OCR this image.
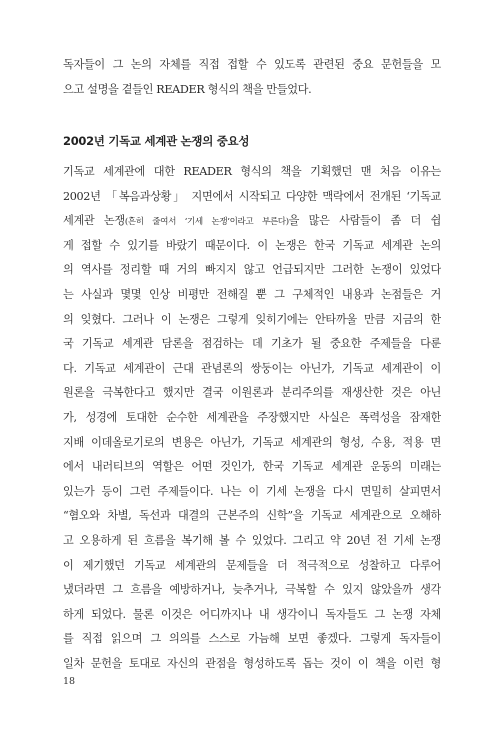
독자들이 그 논의 자체를 직접 접할 수 있도록 관련된 중요 문헌들을 모
으고 설명을 곁들인 READER 형식의 책을 만들었다.
2002년 기독교 세계관 논쟁의 중요성
기독교 세계관에 대한 READER 형식의 책을 기획했던 맨 처음 이유는
2002년 「복음과상황」 지면에서 시작되고 다양한 맥락에서 전개된 ‘기독교
세계관 논쟁(흔히 줄여서 ‘기세 논쟁’이라고 부른다)을 많은 사람들이 좀 더 쉽
게 접할 수 있기를 바랐기 때문이다. 이 논쟁은 한국 기독교 세계관 논의
의 역사를 정리할 때 거의 빠지지 않고 언급되지만 그러한 논쟁이 있었다
는 사실과 몇몇 인상 비평만 전해질 뿐 그 구체적인 내용과 논점들은 거
의 잊혔다. 그러나 이 논쟁은 그렇게 잊히기에는 안타까울 만큼 지금의 한
국 기독교 세계관 담론을 점검하는 데 기초가 될 중요한 주제들을 다룬
다. 기독교 세계관이 근대 관념론의 쌍둥이는 아닌가, 기독교 세계관이 이
원론을 극복한다고 했지만 결국 이원론과 분리주의를 재생산한 것은 아닌
가, 성경에 토대한 순수한 세계관을 주장했지만 사실은 폭력성을 잠재한
지배 이데올로기로의 변용은 아닌가, 기독교 세계관의 형성, 수용, 적용 면
에서 내러티브의 역할은 어떤 것인가, 한국 기독교 세계관 운동의 미래는
있는가 등이 그런 주제들이다. 나는 이 기세 논쟁을 다시 면밀히 살피면서
“혐오와 차별, 독선과 대결의 근본주의 신학”을 기독교 세계관으로 오해하
고 오용하게 된 흐름을 복기해 볼 수 있었다. 그리고 약 20년 전 기세 논쟁
이 제기했던 기독교 세계관의 문제들을 더 적극적으로 성찰하고 다루어
냈더라면 그 흐름을 예방하거나, 늦추거나, 극복할 수 있지 않았을까 생각
하게 되었다. 물론 이것은 어디까지나 내 생각이니 독자들도 그 논쟁 자체
를 직접 읽으며 그 의의를 스스로 가늠해 보면 좋겠다. 그렇게 독자들이
일차 문헌을 토대로 자신의 관점을 형성하도록 돕는 것이 이 책을 이런 형
18
